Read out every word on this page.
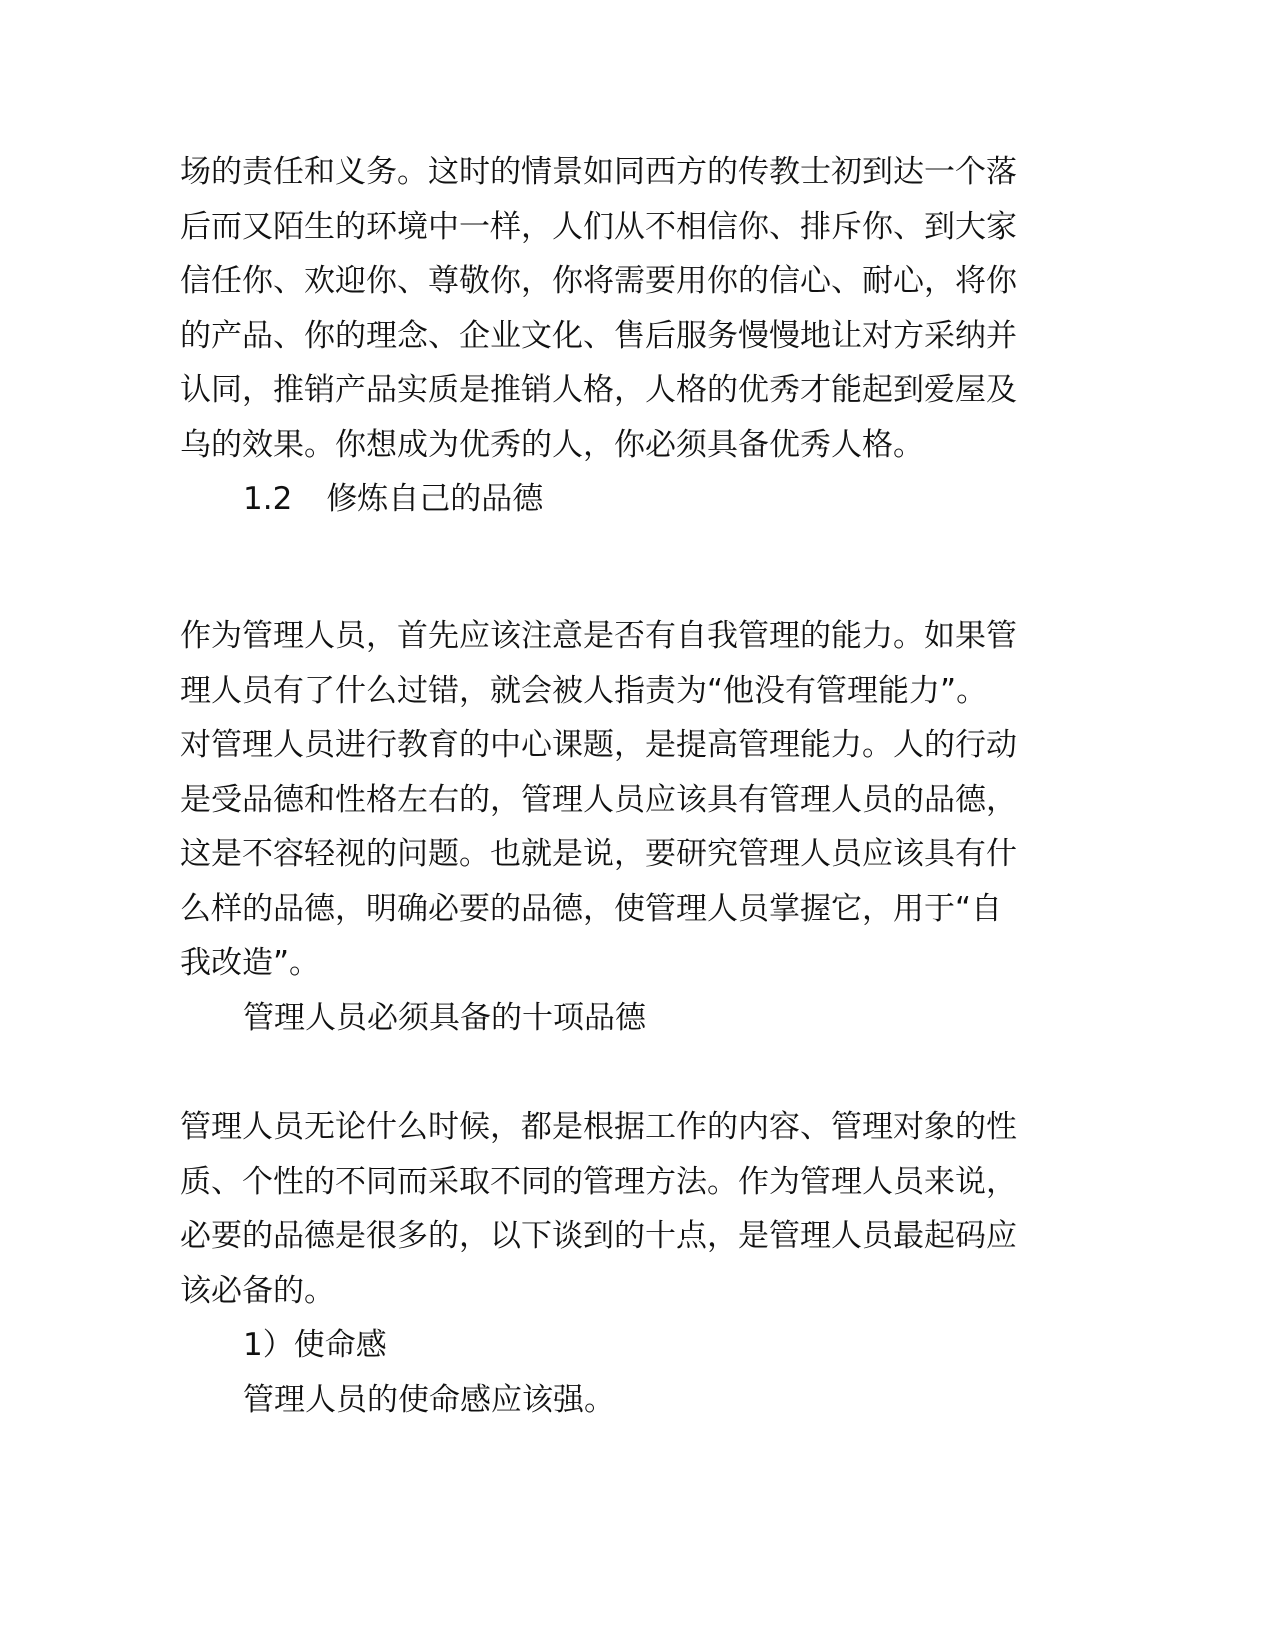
场的责任和义务。这时的情景如同西方的传教士初到达一个落
后而又陌生的环境中一样，人们从不相信你、排斥你、到大家
信任你、欢迎你、尊敬你，你将需要用你的信心、耐心，将你
的产品、你的理念、企业文化、售后服务慢慢地让对方采纳并
认同，推销产品实质是推销人格，人格的优秀才能起到爱屋及
乌的效果。你想成为优秀的人，你必须具备优秀人格。
1.2 修炼自己的品德
作为管理人员，首先应该注意是否有自我管理的能力。如果管
理人员有了什么过错，就会被人指责为“他没有管理能力”。
对管理人员进行教育的中心课题，是提高管理能力。人的行动
是受品德和性格左右的，管理人员应该具有管理人员的品德，
这是不容轻视的问题。也就是说，要研究管理人员应该具有什
么样的品德，明确必要的品德，使管理人员掌握它，用于“自
我改造”。
管理人员必须具备的十项品德
管理人员无论什么时候，都是根据工作的内容、管理对象的性
质、个性的不同而采取不同的管理方法。作为管理人员来说，
必要的品德是很多的，以下谈到的十点，是管理人员最起码应
该必备的。
1）使命感
管理人员的使命感应该强。
